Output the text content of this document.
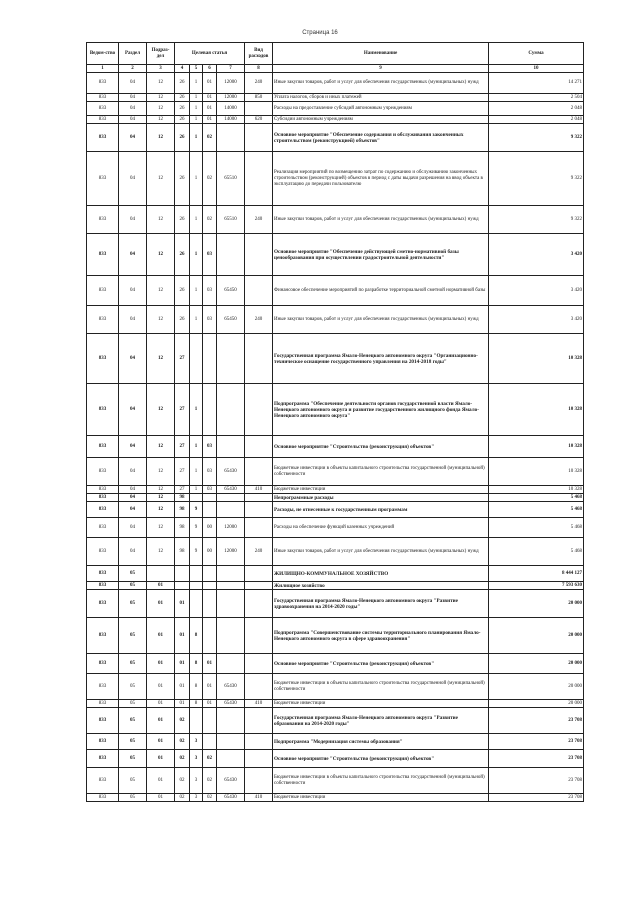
Страница 16
Ведом-ство	Раздел	Подраз-дел	Целевая статья				Вид расходов	Наименование	Сумма
1	2	3	4	5	6	7	8	9	10
833	04	12	26	1	01	12000	240	Иные закупки товаров, работ и услуг для обеспечения государственных (муниципальных) нужд	14 271
833	04	12	26	1	01	12000	850	Уплата налогов, сборов и иных платежей	2 504
833	04	12	26	1	01	14000		Расходы на предоставление субсидий автономным учреждениям	2 048
833	04	12	26	1	01	14000	620	Субсидии автономным учреждениям	2 048
833	04	12	26	1	02			Основное мероприятие "Обеспечение содержания и обслуживания законченных строительством (реконструкцией) объектов"	9 322
833	04	12	26	1	02	65510		Реализация мероприятий по возмещению затрат по содержанию и обслуживанию законченных строительством (реконструкцией) объектов в период с даты выдачи разрешения на ввод объекта в эксплуатацию до передачи пользователю	9 322
833	04	12	26	1	02	65510	240	Иные закупки товаров, работ и услуг для обеспечения государственных (муниципальных) нужд	9 322
833	04	12	26	1	03			Основное мероприятие "Обеспечение действующей сметно-нормативной базы ценообразования при осуществлении градостроительной деятельности"	3 420
833	04	12	26	1	03	65450		Финансовое обеспечение мероприятий по разработке территориальной сметной нормативной базы	3 420
833	04	12	26	1	03	65450	240	Иные закупки товаров, работ и услуг для обеспечения государственных (муниципальных) нужд	3 420
833	04	12	27					Государственная программа Ямало-Ненецкого автономного округа "Организационно-техническое оснащение государственного управления на 2014-2018 годы"	10 328
833	04	12	27	1				Подпрограмма "Обеспечение деятельности органов государственной власти Ямало-Ненецкого автономного округа и развитие государственного жилищного фонда Ямало-Ненецкого автономного округа"	10 328
833	04	12	27	1	03			Основное мероприятие "Строительство (реконструкция) объектов"	10 328
833	04	12	27	1	03	65430		Бюджетные инвестиции в объекты капитального строительства государственной (муниципальной) собственности	10 328
833	04	12	27	1	03	65430	410	Бюджетные инвестиции	10 328
833	04	12	98					Непрограммные расходы	5 468
833	04	12	98	9				Расходы, не отнесенные к государственным программам	5 468
833	04	12	98	9	00	12000		Расходы на обеспечение функций казенных учреждений	5 468
833	04	12	98	9	00	12000	240	Иные закупки товаров, работ и услуг для обеспечения государственных (муниципальных) нужд	5 468
833	05							ЖИЛИЩНО-КОММУНАЛЬНОЕ ХОЗЯЙСТВО	8 444 127
833	05	01						Жилищное хозяйство	7 593 630
833	05	01	01					Государственная программа Ямало-Ненецкого автономного округа "Развитие здравоохранения на 2014-2020 годы"	20 000
833	05	01	01	8				Подпрограмма "Совершенствование системы территориального планирования Ямало-Ненецкого автономного округа в сфере здравоохранения"	20 000
833	05	01	01	8	01			Основное мероприятие "Строительство (реконструкция) объектов"	20 000
833	05	01	01	8	01	65430		Бюджетные инвестиции в объекты капитального строительства государственной (муниципальной) собственности	20 000
833	05	01	01	8	01	65430	410	Бюджетные инвестиции	20 000
833	05	01	02					Государственная программа Ямало-Ненецкого автономного округа "Развитие образования на 2014-2020 годы"	23 708
833	05	01	02	3				Подпрограмма "Модернизация системы образования"	23 708
833	05	01	02	3	02			Основное мероприятие "Строительство (реконструкция) объектов"	23 708
833	05	01	02	3	02	65430		Бюджетные инвестиции в объекты капитального строительства государственной (муниципальной) собственности	23 708
833	05	01	02	3	02	65430	410	Бюджетные инвестиции	23 708
